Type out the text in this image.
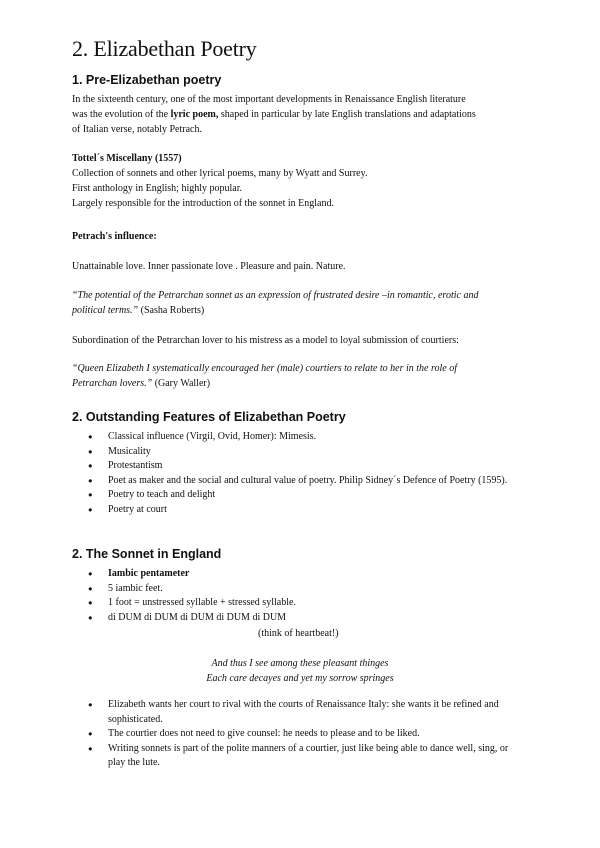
2. Elizabethan Poetry
1. Pre-Elizabethan poetry
In the sixteenth century, one of the most important developments in Renaissance English literature
was the evolution of the lyric poem, shaped in particular by late English translations and adaptations
of Italian verse, notably Petrach.
Tottel´s Miscellany (1557)
Collection of sonnets and other lyrical poems, many by Wyatt and Surrey.
First anthology in English; highly popular.
Largely responsible for the introduction of the sonnet in England.
Petrach's influence:
Unattainable love. Inner passionate love . Pleasure and pain. Nature.
“The potential of the Petrarchan sonnet as an expression of frustrated desire –in romantic, erotic and
political terms.” (Sasha Roberts)
Subordination of the Petrarchan lover to his mistress as a model to loyal submission of courtiers:
“Queen Elizabeth I systematically encouraged her (male) courtiers to relate to her in the role of
Petrarchan lovers.” (Gary Waller)
2. Outstanding Features of Elizabethan Poetry
● Classical influence (Virgil, Ovid, Homer): Mimesis.
● Musicality
● Protestantism
● Poet as maker and the social and cultural value of poetry. Philip Sidney´s Defence of Poetry (1595).
● Poetry to teach and delight
● Poetry at court
2. The Sonnet in England
● Iambic pentameter
● 5 iambic feet.
● 1 foot = unstressed syllable + stressed syllable.
● di DUM di DUM di DUM di DUM di DUM
(think of heartbeat!)
And thus I see among these pleasant thinges
Each care decayes and yet my sorrow springes
● Elizabeth wants her court to rival with the courts of Renaissance Italy: she wants it be refined and sophisticated.
● The courtier does not need to give counsel: he needs to please and to be liked.
● Writing sonnets is part of the polite manners of a courtier, just like being able to dance well, sing, or play the lute.
